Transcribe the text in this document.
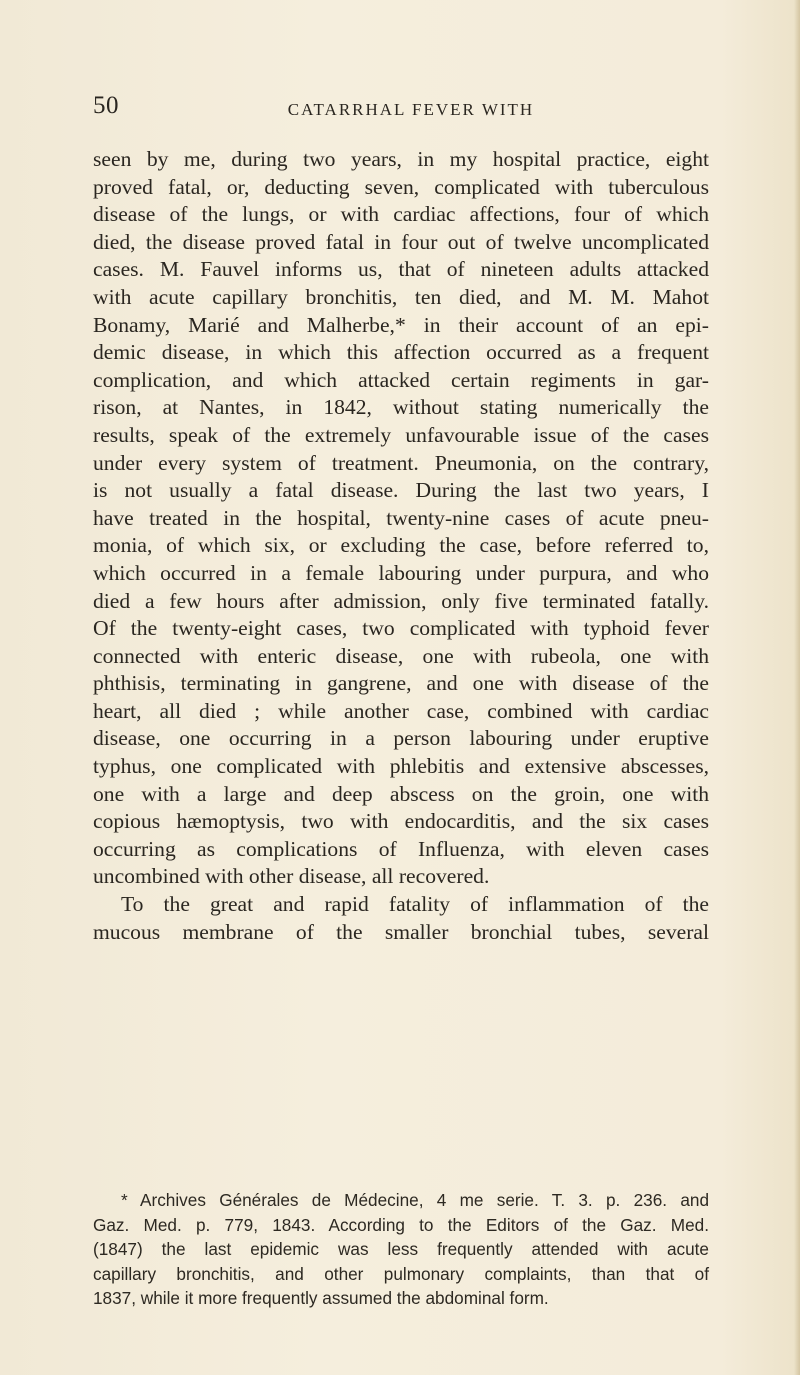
50	CATARRHAL FEVER WITH
seen by me, during two years, in my hospital practice, eight
proved fatal, or, deducting seven, complicated with tuberculous
disease of the lungs, or with cardiac affections, four of which
died, the disease proved fatal in four out of twelve uncomplicated
cases. M. Fauvel informs us, that of nineteen adults attacked
with acute capillary bronchitis, ten died, and M. M. Mahot
Bonamy, Marié and Malherbe,* in their account of an epi-
demic disease, in which this affection occurred as a frequent
complication, and which attacked certain regiments in gar-
rison, at Nantes, in 1842, without stating numerically the
results, speak of the extremely unfavourable issue of the cases
under every system of treatment. Pneumonia, on the contrary,
is not usually a fatal disease. During the last two years, I
have treated in the hospital, twenty-nine cases of acute pneu-
monia, of which six, or excluding the case, before referred to,
which occurred in a female labouring under purpura, and who
died a few hours after admission, only five terminated fatally.
Of the twenty-eight cases, two complicated with typhoid fever
connected with enteric disease, one with rubeola, one with
phthisis, terminating in gangrene, and one with disease of the
heart, all died ; while another case, combined with cardiac
disease, one occurring in a person labouring under eruptive
typhus, one complicated with phlebitis and extensive abscesses,
one with a large and deep abscess on the groin, one with
copious hæmoptysis, two with endocarditis, and the six cases
occurring as complications of Influenza, with eleven cases
uncombined with other disease, all recovered.
To the great and rapid fatality of inflammation of the
mucous membrane of the smaller bronchial tubes, several
* Archives Générales de Médecine, 4 me serie. T. 3. p. 236. and
Gaz. Med. p. 779, 1843. According to the Editors of the Gaz. Med.
(1847) the last epidemic was less frequently attended with acute
capillary bronchitis, and other pulmonary complaints, than that of
1837, while it more frequently assumed the abdominal form.
